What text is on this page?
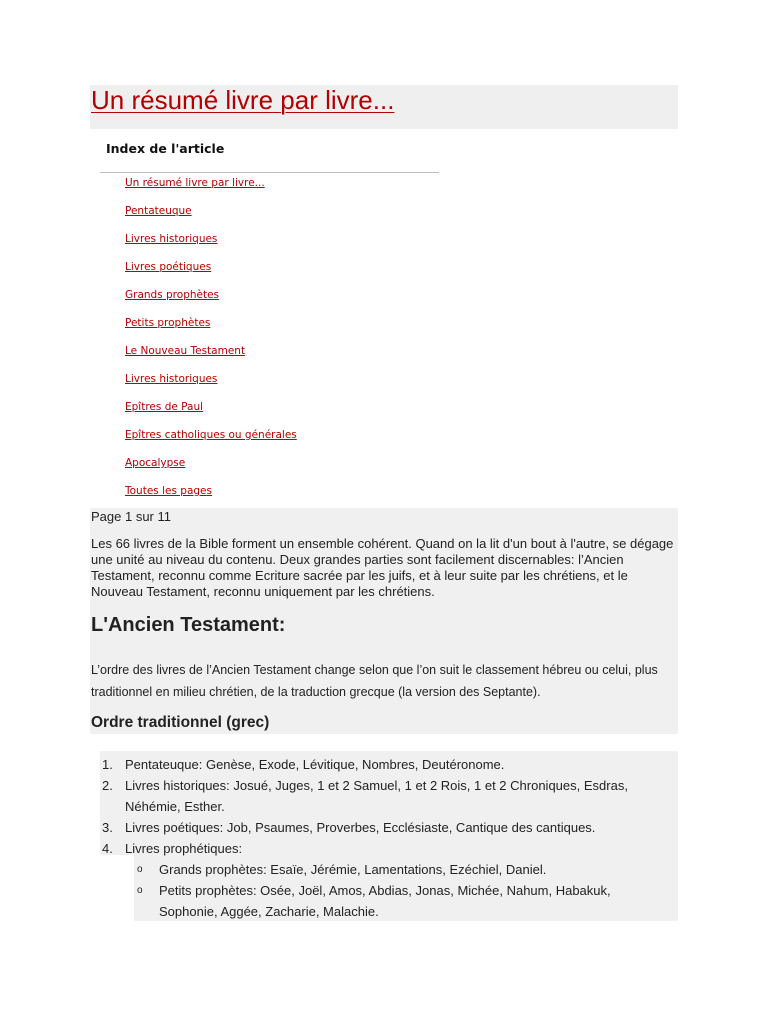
Un résumé livre par livre...
Index de l'article
Un résumé livre par livre...
Pentateuque
Livres historiques
Livres poétiques
Grands prophètes
Petits prophètes
Le Nouveau Testament
Livres historiques
Epîtres de Paul
Epîtres catholiques ou générales
Apocalypse
Toutes les pages
Page 1 sur 11

Les 66 livres de la Bible forment un ensemble cohérent. Quand on la lit d'un bout à l'autre, se dégage une unité au niveau du contenu. Deux grandes parties sont facilement discernables: l’Ancien Testament, reconnu comme Ecriture sacrée par les juifs, et à leur suite par les chrétiens, et le Nouveau Testament, reconnu uniquement par les chrétiens.

L'Ancien Testament:

L’ordre des livres de l’Ancien Testament change selon que l’on suit le classement hébreu ou celui, plus traditionnel en milieu chrétien, de la traduction grecque (la version des Septante).

Ordre traditionnel (grec)
1. Pentateuque: Genèse, Exode, Lévitique, Nombres, Deutéronome.
2. Livres historiques: Josué, Juges, 1 et 2 Samuel, 1 et 2 Rois, 1 et 2 Chroniques, Esdras, Néhémie, Esther.
3. Livres poétiques: Job, Psaumes, Proverbes, Ecclésiaste, Cantique des cantiques.
4. Livres prophétiques:
o Grands prophètes: Esaïe, Jérémie, Lamentations, Ezéchiel, Daniel.
o Petits prophètes: Osée, Joël, Amos, Abdias, Jonas, Michée, Nahum, Habakuk, Sophonie, Aggée, Zacharie, Malachie.
